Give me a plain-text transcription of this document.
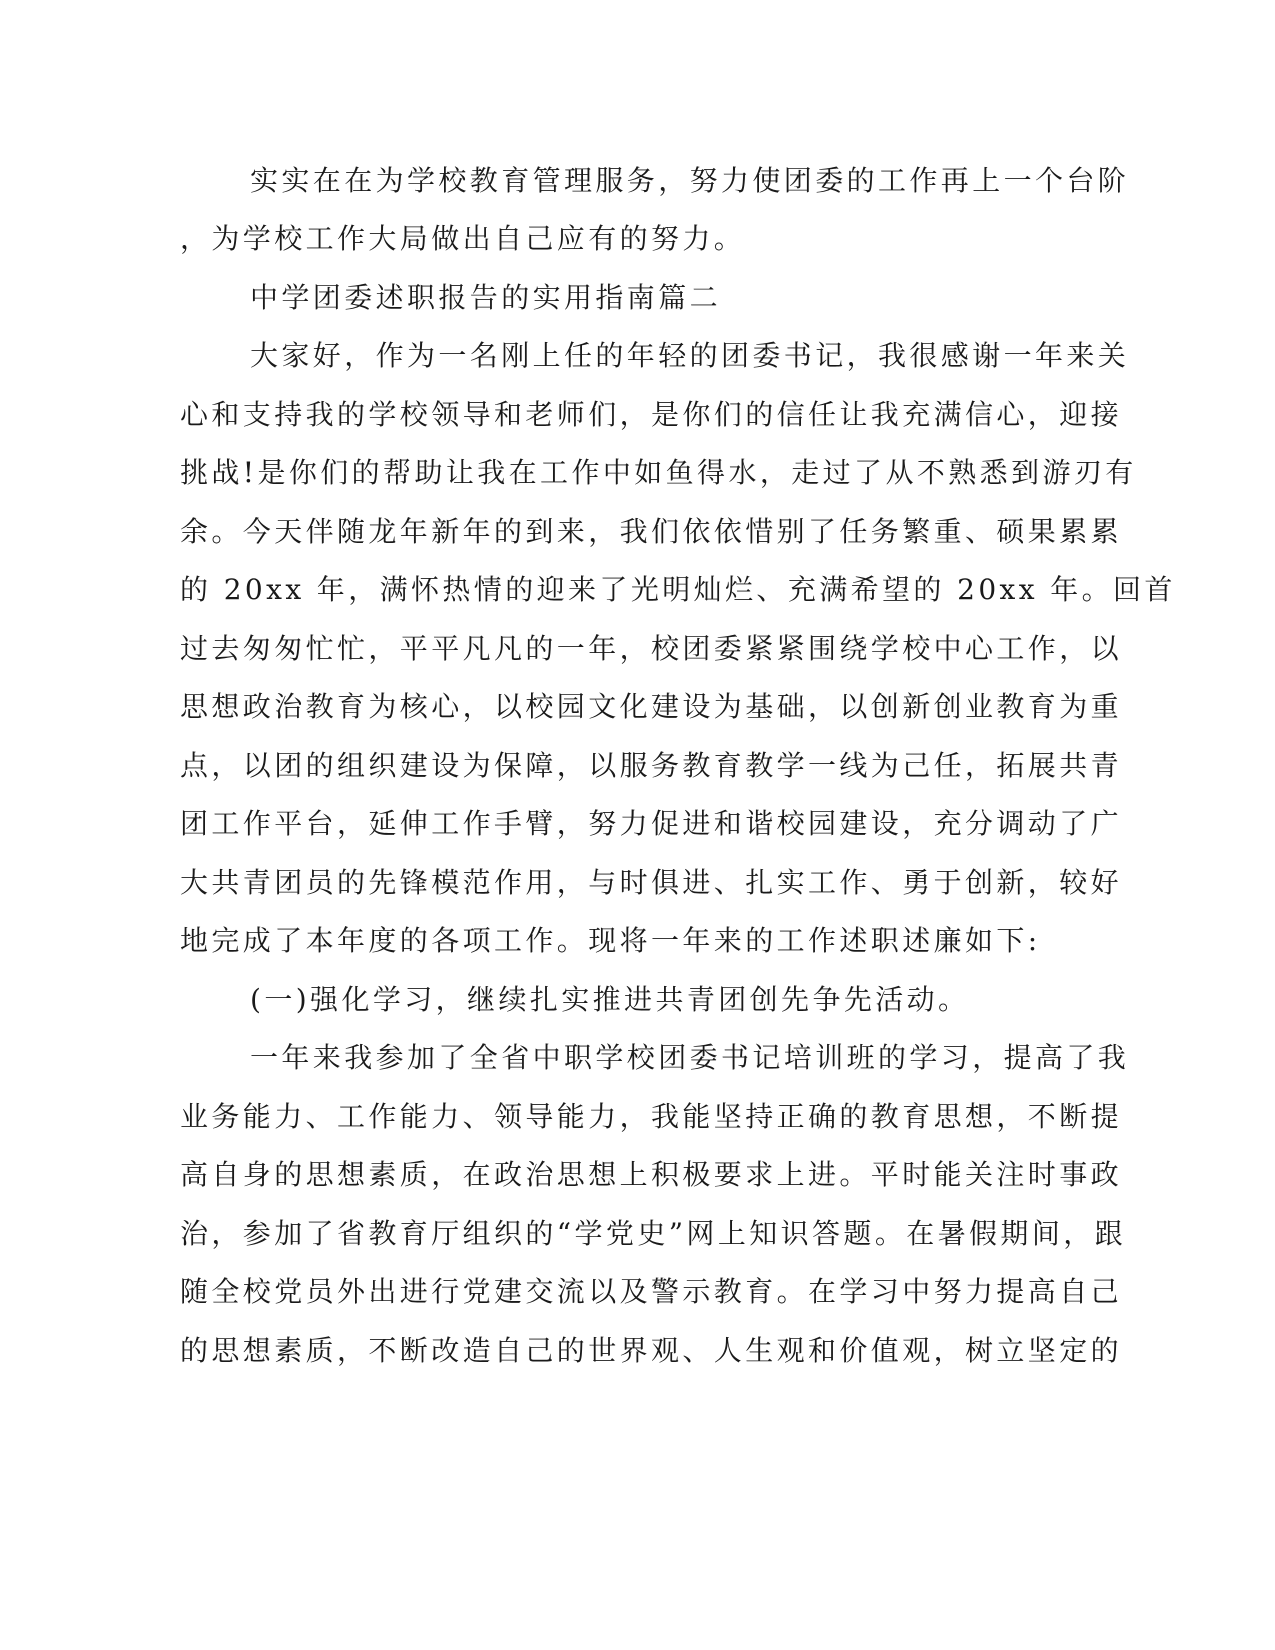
实实在在为学校教育管理服务，努力使团委的工作再上一个台阶
，为学校工作大局做出自己应有的努力。
中学团委述职报告的实用指南篇二
大家好，作为一名刚上任的年轻的团委书记，我很感谢一年来关
心和支持我的学校领导和老师们，是你们的信任让我充满信心，迎接
挑战!是你们的帮助让我在工作中如鱼得水，走过了从不熟悉到游刃有
余。今天伴随龙年新年的到来，我们依依惜别了任务繁重、硕果累累
的 20xx 年，满怀热情的迎来了光明灿烂、充满希望的 20xx 年。回首
过去匆匆忙忙，平平凡凡的一年，校团委紧紧围绕学校中心工作，以
思想政治教育为核心，以校园文化建设为基础，以创新创业教育为重
点，以团的组织建设为保障，以服务教育教学一线为己任，拓展共青
团工作平台，延伸工作手臂，努力促进和谐校园建设，充分调动了广
大共青团员的先锋模范作用，与时俱进、扎实工作、勇于创新，较好
地完成了本年度的各项工作。现将一年来的工作述职述廉如下:
(一)强化学习，继续扎实推进共青团创先争先活动。
一年来我参加了全省中职学校团委书记培训班的学习，提高了我
业务能力、工作能力、领导能力，我能坚持正确的教育思想，不断提
高自身的思想素质，在政治思想上积极要求上进。平时能关注时事政
治，参加了省教育厅组织的“学党史”网上知识答题。在暑假期间，跟
随全校党员外出进行党建交流以及警示教育。在学习中努力提高自己
的思想素质，不断改造自己的世界观、人生观和价值观，树立坚定的
